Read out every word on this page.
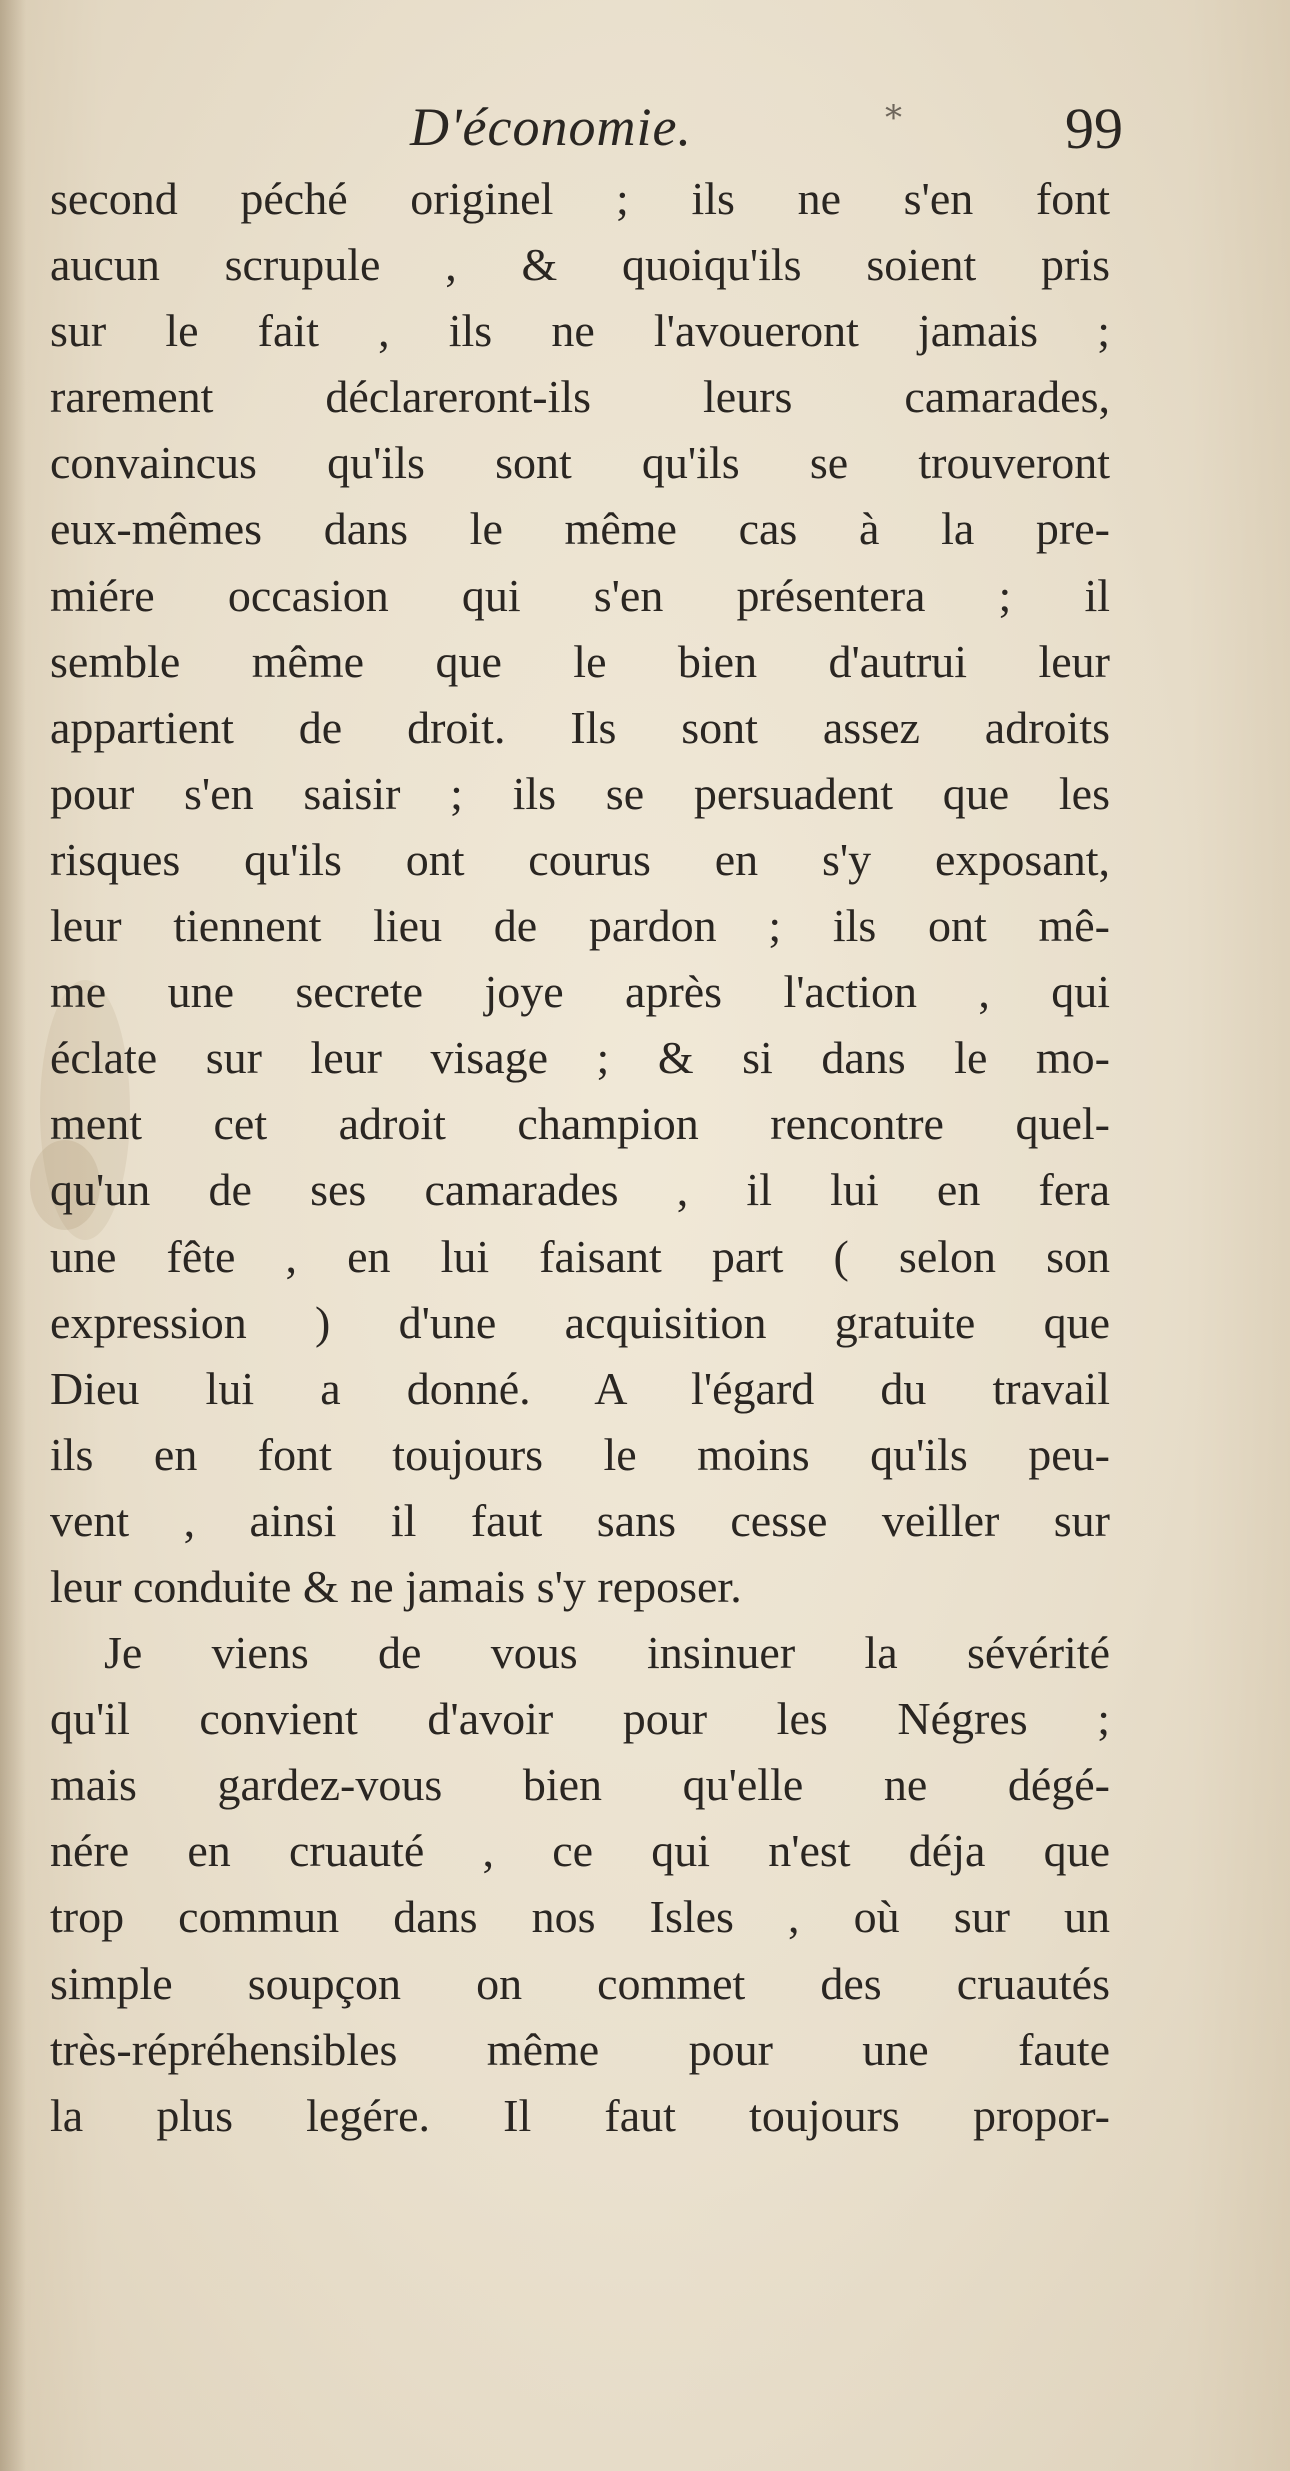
D'économie.	*	99
second péché originel ; ils ne s'en font
aucun scrupule , & quoiqu'ils soient pris
sur le fait , ils ne l'avoueront jamais ;
rarement déclareront-ils leurs camarades,
convaincus qu'ils sont qu'ils se trouveront
eux-mêmes dans le même cas à la pre-
miére occasion qui s'en présentera ; il
semble même que le bien d'autrui leur
appartient de droit. Ils sont assez adroits
pour s'en saisir ; ils se persuadent que les
risques qu'ils ont courus en s'y exposant,
leur tiennent lieu de pardon ; ils ont mê-
me une secrete joye après l'action , qui
éclate sur leur visage ; & si dans le mo-
ment cet adroit champion rencontre quel-
qu'un de ses camarades , il lui en fera
une fête , en lui faisant part ( selon son
expression ) d'une acquisition gratuite que
Dieu lui a donné. A l'égard du travail
ils en font toujours le moins qu'ils peu-
vent , ainsi il faut sans cesse veiller sur
leur conduite & ne jamais s'y reposer.
Je viens de vous insinuer la sévérité
qu'il convient d'avoir pour les Négres ;
mais gardez-vous bien qu'elle ne dégé-
nére en cruauté , ce qui n'est déja que
trop commun dans nos Isles , où sur un
simple soupçon on commet des cruautés
très-répréhensibles même pour une faute
la plus legére. Il faut toujours propor-
